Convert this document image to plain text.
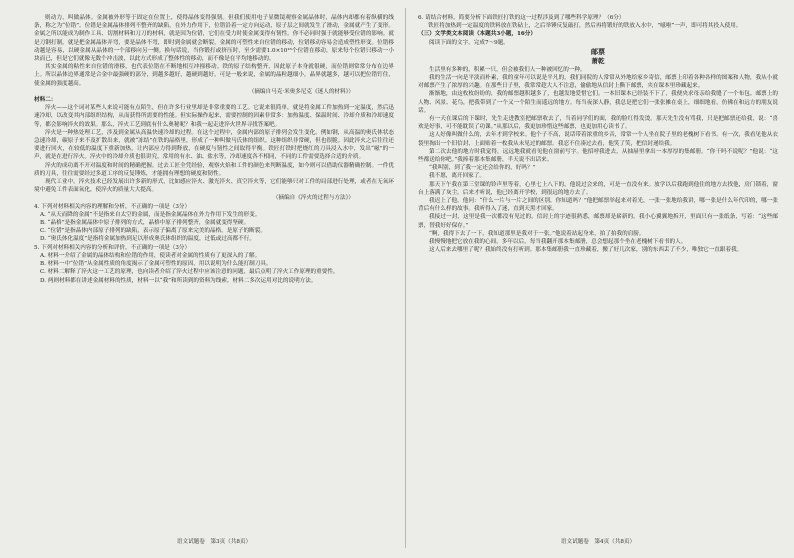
则动力，叫做晶体。金属被外形等于固定在位置上，使得晶体变得强韧。但我们使用电子显微镜观察金属晶体时，晶体内却都有着纵横的线条，称之为“位错”。位错是金属晶体排列不整齐的缺陷，在外力作用下，位错沿着一定方向运动，原子层之间就发生了滑动，金属就产生了变形。金属之所以能成为制作工具、切割材料和刀刀的材料，就是因为位错，它们在受力时使金属变得有韧性。你不必同时强于就能够受位错的影响。就是刀钢打制，就是把金属晶体弄弯，要是晶体不弯，即时到金属就会断裂。金属的可塑性来自位错的移动，位错移动容易会造成塑性形变。位错移动越是容易，以硬金属从晶体的一个部移向另一侧。换句话说，当你锻打或挤压时，至少需要1.0×10¹⁶个位错在移动，原来每个位错只移动一小块而已，但是它们就像无数个冲击波，以此方式形成了整体性的移动，而不像是在平均地移动的。

其实金属的粘性来自位错的滑移，也代表位错在不断地相互冲撞移动。铁的原子结构整齐，因此原子本身就很硬，而位错则常常分布在边界上。所以晶体边界通常是合金中最强硬的部分，到越多越好，越硬到越好。可是一般来说，金属的晶粒越细小，晶界就越多，越可以把位错钉住，使金属的强度越高。

（摘编自马克·米奥多尼克《迷人的材料》）

材料二：

淬火——这个词对某些人来说可能有点陌生，但在许多行业里却是非常重要的工艺。它说来很简单，就是将金属工件加热到一定温度，然后迅速冷却，以改变其内部组织结构，从而获得所需要的性能。但实际操作起来，需要控制的因素非常多：加热温度、保温时间、冷却介质和冷却速度等，都会影响淬火的效果。那么，淬火工艺到底有什么奥秘呢？和我一起走进淬火世界寻找答案吧。

淬火是一种热处理工艺，涉及到金属从高温快速冷却的过程。在这个过程中，金属内部的原子排列会发生变化。例如钢，从高温的奥氏体状态急速冷却，碳原子来不及扩散出来，就被“冻结”在铁的晶格里，形成了一种叫做马氏体的组织。这种组织非常硬，但也很脆。因此淬火之后往往还要进行回火，在较低的温度下重新加热，让内部应力得到释放，在硬度与韧性之间取得平衡。铁匠打铁时把烧红的刀具浸入水中，发出“嗞”的一声，就是在进行淬火。淬火中的冷却介质也很讲究，常用的有水、油、盐水等，冷却速度各不相同，不同的工件需要选择合适的介质。

淬火的成功离不开对温度和时间的精确把握。过去工匠全凭经验，观察火焰和工件的颜色来判断温度，如今则可以借助仪器精确控制。一件优质的刀具，往往需要经过多道工序的反复锤炼，才能拥有理想的硬度和韧性。

现代工业中，淬火技术已经发展出许多新的形式，比如感应淬火、激光淬火、真空淬火等，它们能够只对工件的局部进行处理，或者在无氧环境中避免工件表面氧化，使淬火的质量大大提高。

（摘编自《淬火的过程与方法》）

4. 下列对材料相关内容的理解和分析，不正确的一项是（3分）

A. “从天而降的金属”不是指来自太空的金属，而是指金属晶体在外力作用下发生的形变。

B. “晶格”是指金属晶体中原子排列的方式，晶格中原子排列整齐，金属就变得坚硬。

C. “位错”是指晶体内部原子排列的缺陷，表示原子偏离了原来完美的晶格，是原子的断裂。

D. “奥氏体化温度”是指将金属加热到足以形成奥氏体组织的温度，过低或过高都不行。

5. 下列对材料相关内容的分析和评价，不正确的一项是（3分）

A. 材料一介绍了金属的晶体结构和位错的作用，使读者对金属的性质有了更深入的了解。

B. 材料一中“位错”从金属性质的角度揭示了金属可塑性的原因，用以说明为什么能打制刀具。

C. 材料二解释了淬火这一工艺的原理，也向读者介绍了淬火过程中应该注意的问题，最后点明了淬火工作原理的重要性。

D. 两则材料都在讲述金属材料的性质，材料一以“我”和所读到的资料为线索，材料二多次运用对比的说明方法。

语文试题卷　第3页（共8页）

6. 请结合材料，简要分析下面铁匠打铁的这一过程涉及到了哪些科学原理？（6分）

铁匠将加热到一定温度的铁料放在铁砧上，之后举锤反复敲打，然后再将锻好的铁放入水中，“嗞啦”一声，即可将其投入使用。

（三）文学类文本阅读（本题共3小题，16分）

阅读下面的文字，完成7～9题。

邮票

萧乾

生活里有多种的，积累一只，但会被我们人一种被回忆的一种。

我的生活一向是平淡而朴素，我的童年可以说是平凡的。我们同院的人常常从外地给家乡寄信，邮票上印着各种各样的图案和人物，我从小就对邮票产生了浓厚的兴趣。在那些日子里，我常常趁大人不注意，偷偷地从信封上撕下邮票，夹在课本里珍藏起来。

渐渐地，由这枚枚纷纷的，我的邮票越积越多了，也越发地爱惜它们。一本旧课本已经装不下了，我便央求母亲给我缝了一个布包。邮票上的人物、风景、花鸟，把我带到了一个又一个陌生而遥远的地方。每当夜深人静，我总是把它们一张张摊在桌上，细细地看，仿佛在和远方的朋友说话。

有一天在课后的下课时，先生走进教室把邮票收去了，当着同学们的面，我的脸红得发烫。那天先生没有骂我，只是把邮票还给我，说：“喜欢是好事，可不能耽误了功课。”从那以后，我更加珍惜这些邮票，也更加用心读书了。

这人好像叫做什么的，去年才到学校来。他个子不高，说话带着浓重的乡音，常常一个人坐在院子里的老槐树下看书。有一次，我看见他从衣袋里掏出一个旧信封，上面贴着一枚我从未见过的邮票。我忍不住凑过去看，他笑了笑，把信封递给我。

第二次去他的地方时我觉得，远远地我就看见他在窗前写字。他招呼我进去，从抽屉里拿出一本厚厚的集邮册。“你干吗不说呢？”他说：“这些都送给你吧。”我捧着那本集邮册，半天说不出话来。

“我叫别，到了我一定还会给你的，好吗？”

我不愿，离开回家了。

那天下午我在第三堂课的铃声里等着，心里七上八下的。他说过会来的，可是一直没有来。放学以后我跑到他住的地方去找他，房门锁着，窗台上落满了灰尘。后来才听说，他已经离开学校，到很远的地方去了。

我迟上了他。他问：“什么一片与一片之间的区别，你知道吗？”他把邮票举起来对着光，一张一张地给我讲，哪一张是什么年代印的，哪一张背后有什么样的故事。我听得入了迷，直到天黑才回家。

我接过一封，这里是我一次都没有见过的。信封上的字迹很熟悉，邮票却是崭新的。我小心翼翼地拆开，里面只有一张纸条，写着：“这些邮票，替我好好保存。”

“啊，我得下去了一下，我知道那里是我对于一张。”他说着站起身来，拍了拍我的肩膀。

我慢慢地把它放在我的心间，多年以后，每当我翻开那本集邮册，总会想起那个坐在老槐树下看书的人。

这人后来去哪里了呢？我始终没有打听到。那本集邮册我一直珍藏着，搬了好几次家，别的东西丢了不少，唯独它一直跟着我。

语文试题卷　第4页（共8页）
